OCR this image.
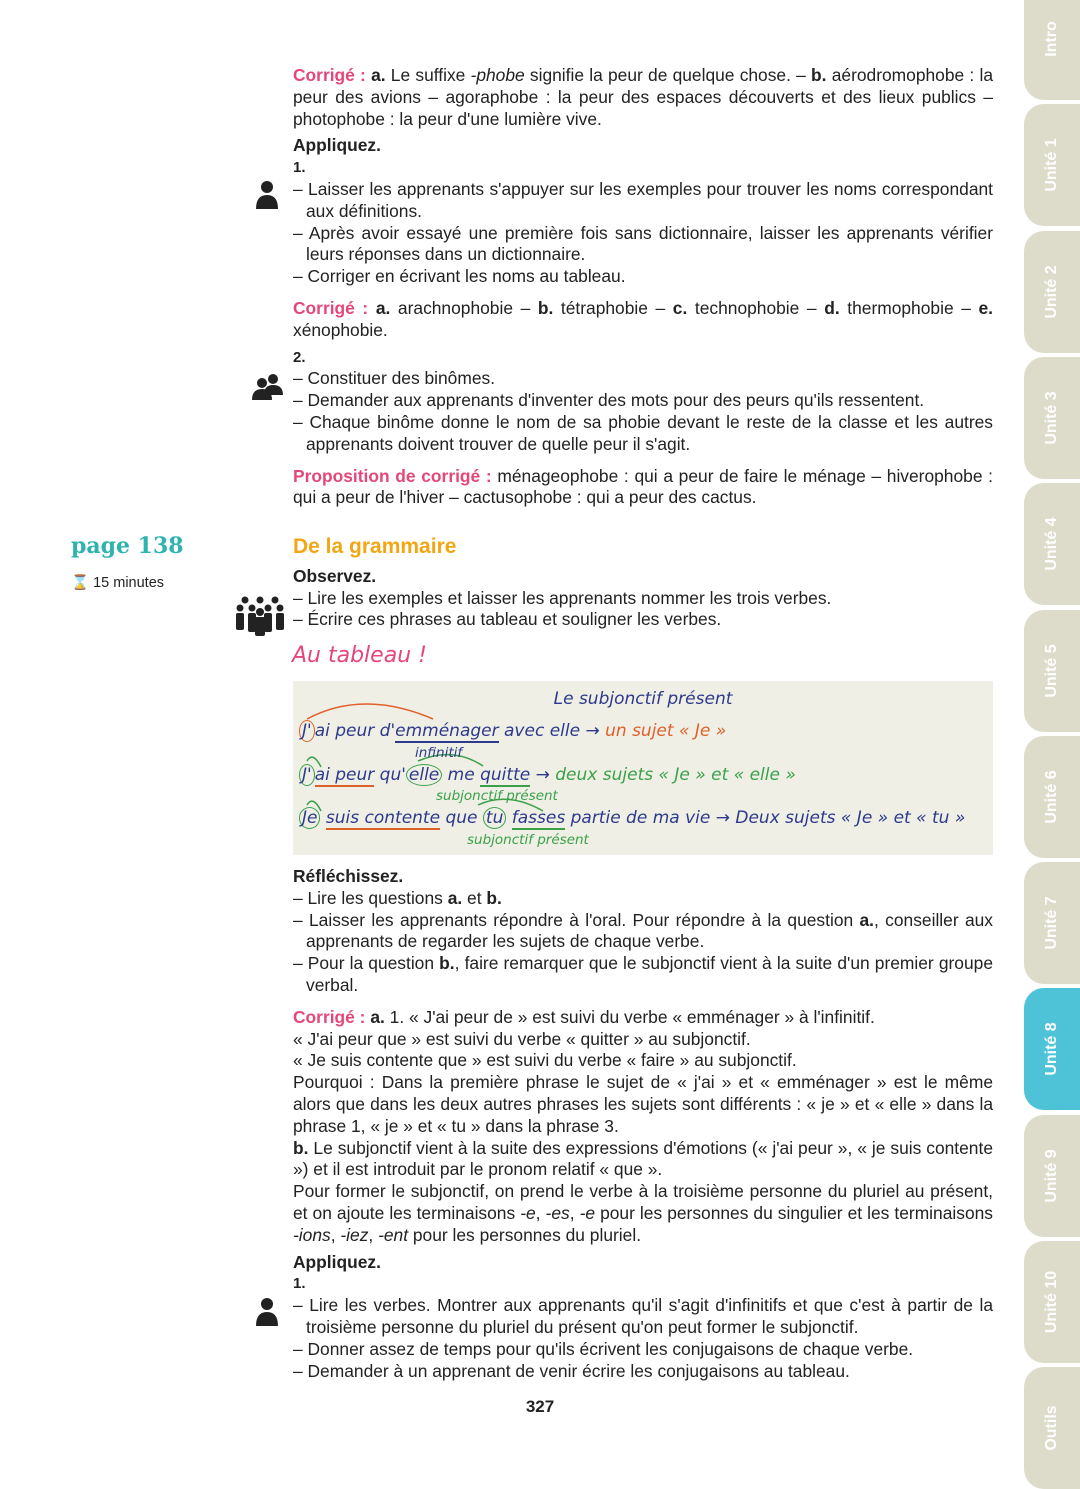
Intro
Unité 1
Unité 2
Unité 3
Unité 4
Unité 5
Unité 6
Unité 7
Unité 8
Unité 9
Unité 10
Outils
page 138
⌛ 15 minutes

Corrigé : a. Le suffixe -phobe signifie la peur de quelque chose. – b. aérodromophobe : la peur des avions – agoraphobe : la peur des espaces découverts et des lieux publics – photophobe : la peur d'une lumière vive.

Appliquez.
1.
– Laisser les apprenants s'appuyer sur les exemples pour trouver les noms correspondant aux définitions.
– Après avoir essayé une première fois sans dictionnaire, laisser les apprenants vérifier leurs réponses dans un dictionnaire.
– Corriger en écrivant les noms au tableau.

Corrigé : a. arachnophobie – b. tétraphobie – c. technophobie – d. thermophobie – e. xénophobie.

2.
– Constituer des binômes.
– Demander aux apprenants d'inventer des mots pour des peurs qu'ils ressentent.
– Chaque binôme donne le nom de sa phobie devant le reste de la classe et les autres apprenants doivent trouver de quelle peur il s'agit.

Proposition de corrigé : ménageophobe : qui a peur de faire le ménage – hiverophobe : qui a peur de l'hiver – cactusophobe : qui a peur des cactus.

De la grammaire
Observez.
– Lire les exemples et laisser les apprenants nommer les trois verbes.
– Écrire ces phrases au tableau et souligner les verbes.
Au tableau !
Le subjonctif présent
J' ai peur d'emménager avec elle → un sujet « Je »
infinitif
J' ai peur qu' elle me quitte → deux sujets « Je » et « elle »
subjonctif présent
Je suis contente que tu fasses partie de ma vie → Deux sujets « Je » et « tu »
subjonctif présent
Réfléchissez.

– Lire les questions a. et b.

– Laisser les apprenants répondre à l'oral. Pour répondre à la question a., conseiller aux apprenants de regarder les sujets de chaque verbe.

– Pour la question b., faire remarquer que le subjonctif vient à la suite d'un premier groupe verbal.

Corrigé : a. 1. « J'ai peur de » est suivi du verbe « emménager » à l'infinitif.

« J'ai peur que » est suivi du verbe « quitter » au subjonctif.

« Je suis contente que » est suivi du verbe « faire » au subjonctif.

Pourquoi : Dans la première phrase le sujet de « j'ai » et « emménager » est le même alors que dans les deux autres phrases les sujets sont différents : « je » et « elle » dans la phrase 1, « je » et « tu » dans la phrase 3.

b. Le subjonctif vient à la suite des expressions d'émotions (« j'ai peur », « je suis contente ») et il est introduit par le pronom relatif « que ».

Pour former le subjonctif, on prend le verbe à la troisième personne du pluriel au présent, et on ajoute les terminaisons -e, -es, -e pour les personnes du singulier et les terminaisons -ions, -iez, -ent pour les personnes du pluriel.

Appliquez.
1.
– Lire les verbes. Montrer aux apprenants qu'il s'agit d'infinitifs et que c'est à partir de la troisième personne du pluriel du présent qu'on peut former le subjonctif.
– Donner assez de temps pour qu'ils écrivent les conjugaisons de chaque verbe.
– Demander à un apprenant de venir écrire les conjugaisons au tableau.
327
